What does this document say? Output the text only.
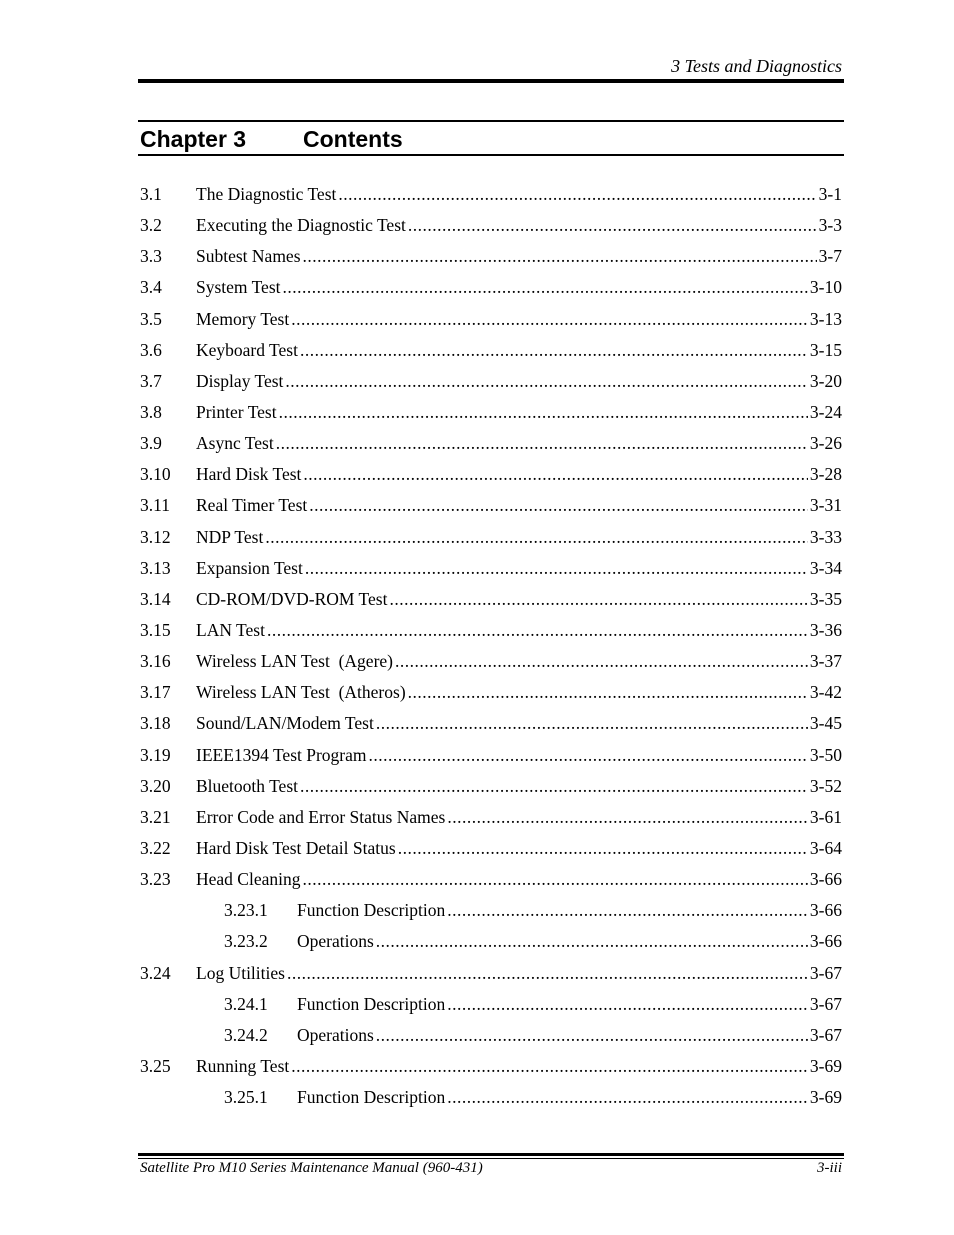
3 Tests and Diagnostics
Chapter 3	Contents
3.1	The Diagnostic Test .....	3-1
3.2	Executing the Diagnostic Test .....	3-3
3.3	Subtest Names .....	3-7
3.4	System Test .....	3-10
3.5	Memory Test .....	3-13
3.6	Keyboard Test .....	3-15
3.7	Display Test .....	3-20
3.8	Printer Test .....	3-24
3.9	Async Test .....	3-26
3.10	Hard Disk Test .....	3-28
3.11	Real Timer Test .....	3-31
3.12	NDP Test .....	3-33
3.13	Expansion Test .....	3-34
3.14	CD-ROM/DVD-ROM Test .....	3-35
3.15	LAN Test .....	3-36
3.16	Wireless LAN Test  (Agere) .....	3-37
3.17	Wireless LAN Test  (Atheros) .....	3-42
3.18	Sound/LAN/Modem Test .....	3-45
3.19	IEEE1394 Test Program .....	3-50
3.20	Bluetooth Test .....	3-52
3.21	Error Code and Error Status Names .....	3-61
3.22	Hard Disk Test Detail Status .....	3-64
3.23	Head Cleaning .....	3-66
3.23.1	Function Description .....	3-66
3.23.2	Operations .....	3-66
3.24	Log Utilities .....	3-67
3.24.1	Function Description .....	3-67
3.24.2	Operations .....	3-67
3.25	Running Test .....	3-69
3.25.1	Function Description .....	3-69
Satellite Pro M10 Series Maintenance Manual (960-431)	3-iii
